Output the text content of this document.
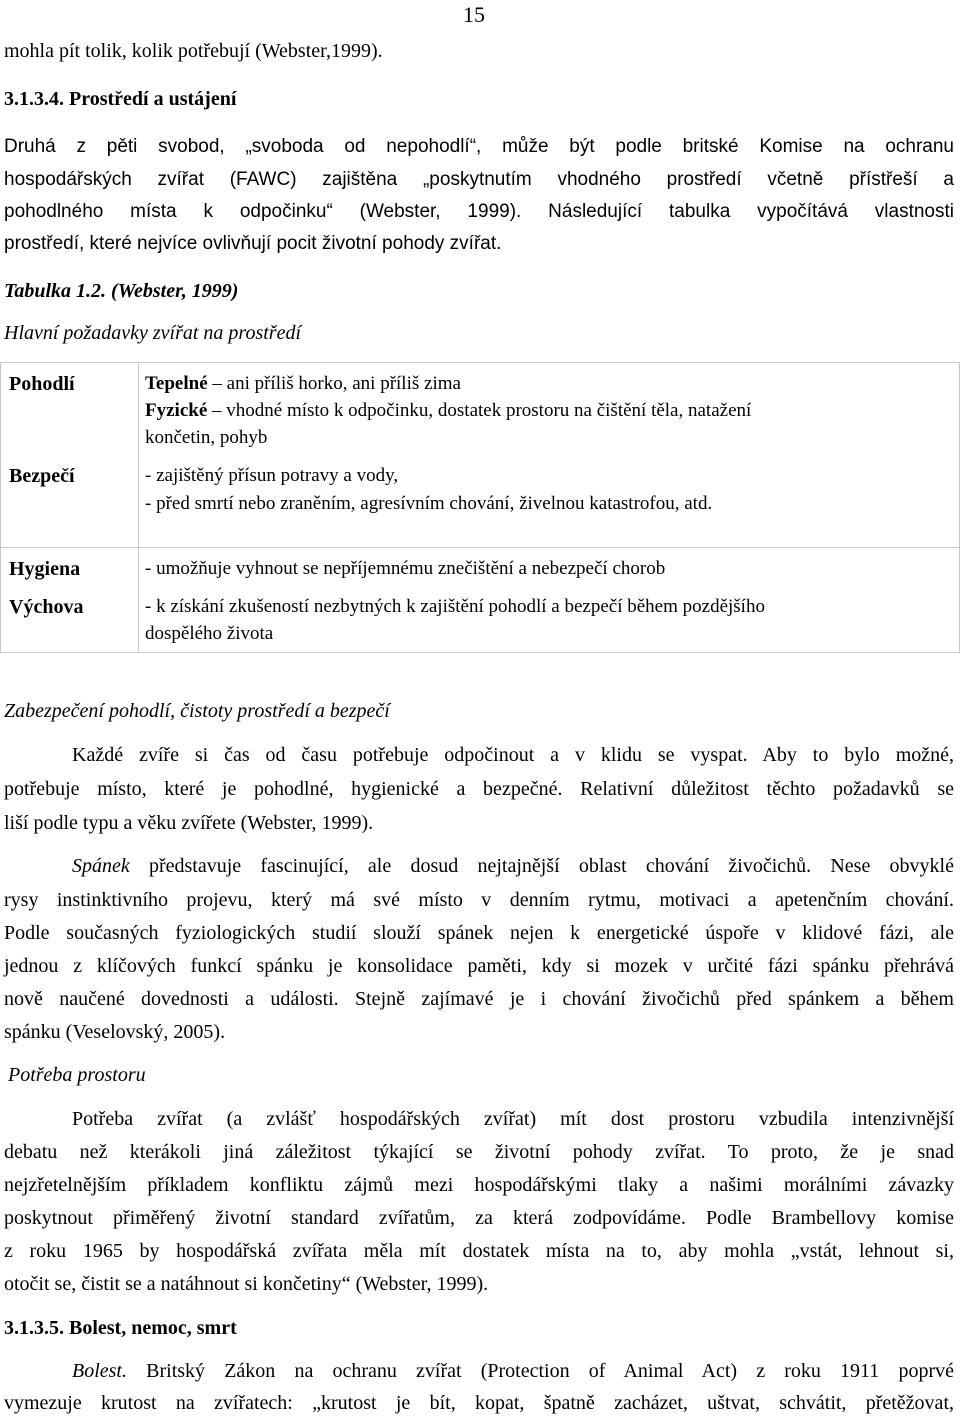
15
mohla pít tolik, kolik potřebují (Webster,1999).
3.1.3.4. Prostředí a ustájení
Druhá z pěti svobod, „svoboda od nepohodlí“, může být podle britské Komise na ochranu
hospodářských zvířat (FAWC) zajištěna „poskytnutím vhodného prostředí včetně přístřeší a
pohodlného místa k odpočinku“ (Webster, 1999). Následující tabulka vypočítává vlastnosti
prostředí, které nejvíce ovlivňují pocit životní pohody zvířat.
Tabulka 1.2. (Webster, 1999)
Hlavní požadavky zvířat na prostředí
Pohodlí	Tepelné – ani příliš horko, ani příliš zima
Fyzické – vhodné místo k odpočinku, dostatek prostoru na čištění těla, natažení
končetin, pohyb
Bezpečí	- zajištěný přísun potravy a vody,
- před smrtí nebo zraněním, agresívním chování, živelnou katastrofou, atd.
Hygiena	- umožňuje vyhnout se nepříjemnému znečištění a nebezpečí chorob
Výchova	- k získání zkušeností nezbytných k zajištění pohodlí a bezpečí během pozdějšího
dospělého života
Zabezpečení pohodlí, čistoty prostředí a bezpečí
Každé zvíře si čas od času potřebuje odpočinout a v klidu se vyspat. Aby to bylo možné,
potřebuje místo, které je pohodlné, hygienické a bezpečné. Relativní důležitost těchto požadavků se
liší podle typu a věku zvířete (Webster, 1999).
Spánek představuje fascinující, ale dosud nejtajnější oblast chování živočichů. Nese obvyklé
rysy instinktivního projevu, který má své místo v denním rytmu, motivaci a apetenčním chování.
Podle současných fyziologických studií slouží spánek nejen k energetické úspoře v klidové fázi, ale
jednou z klíčových funkcí spánku je konsolidace paměti, kdy si mozek v určité fázi spánku přehrává
nově naučené dovednosti a události. Stejně zajímavé je i chování živočichů před spánkem a během
spánku (Veselovský, 2005).
Potřeba prostoru
Potřeba zvířat (a zvlášť hospodářských zvířat) mít dost prostoru vzbudila intenzivnější
debatu než kterákoli jiná záležitost týkající se životní pohody zvířat. To proto, že je snad
nejzřetelnějším příkladem konfliktu zájmů mezi hospodářskými tlaky a našimi morálními závazky
poskytnout přiměřený životní standard zvířatům, za která zodpovídáme. Podle Brambellovy komise
z roku 1965 by hospodářská zvířata měla mít dostatek místa na to, aby mohla „vstát, lehnout si,
otočit se, čistit se a natáhnout si končetiny“ (Webster, 1999).
3.1.3.5. Bolest, nemoc, smrt
Bolest. Britský Zákon na ochranu zvířat (Protection of Animal Act) z roku 1911 poprvé
vymezuje krutost na zvířatech: „krutost je bít, kopat, špatně zacházet, uštvat, schvátit, přetěžovat,
